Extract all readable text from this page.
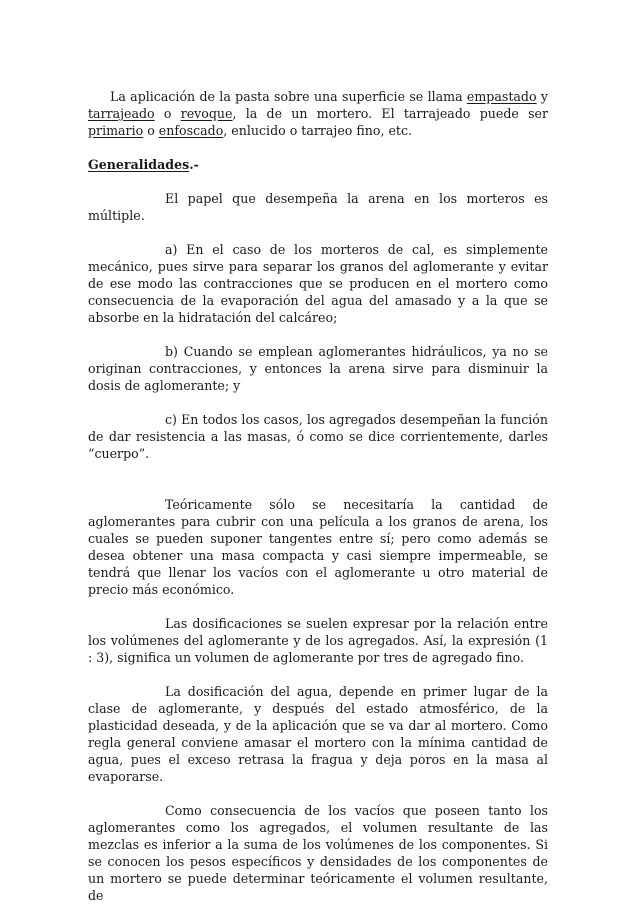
La aplicación de la pasta sobre una superficie se llama empastado y tarrajeado o revoque, la de un mortero. El tarrajeado puede ser primario o enfoscado, enlucido o tarrajeo fino, etc.

Generalidades.-

El papel que desempeña la arena en los morteros es múltiple.

a) En el caso de los morteros de cal, es simplemente mecánico, pues sirve para separar los granos del aglomerante y evitar de ese modo las contracciones que se producen en el mortero como consecuencia de la evaporación del agua del amasado y a la que se absorbe en la hidratación del calcáreo;

b) Cuando se emplean aglomerantes hidráulicos, ya no se originan contracciones, y entonces la arena sirve para disminuir la dosis de aglomerante; y

c) En todos los casos, los agregados desempeñan la función de dar resistencia a las masas, ó como se dice corrientemente, darles “cuerpo”.

Teóricamente sólo se necesitaría la cantidad de aglomerantes para cubrir con una película a los granos de arena, los cuales se pueden suponer tangentes entre sí; pero como además se desea obtener una masa compacta y casi siempre impermeable, se tendrá que llenar los vacíos con el aglomerante u otro material de precio más económico.

Las dosificaciones se suelen expresar por la relación entre los volúmenes del aglomerante y de los agregados. Así, la expresión (1 : 3), significa un volumen de aglomerante por tres de agregado fino.

La dosificación del agua, depende en primer lugar de la clase de aglomerante, y después del estado atmosférico, de la plasticidad deseada, y de la aplicación que se va dar al mortero. Como regla general conviene amasar el mortero con la mínima cantidad de agua, pues el exceso retrasa la fragua y deja poros en la masa al evaporarse.

Como consecuencia de los vacíos que poseen tanto los aglomerantes como los agregados, el volumen resultante de las mezclas es inferior a la suma de los volúmenes de los componentes. Si se conocen los pesos específicos y densidades de los componentes de un mortero se puede determinar teóricamente el volumen resultante, de
